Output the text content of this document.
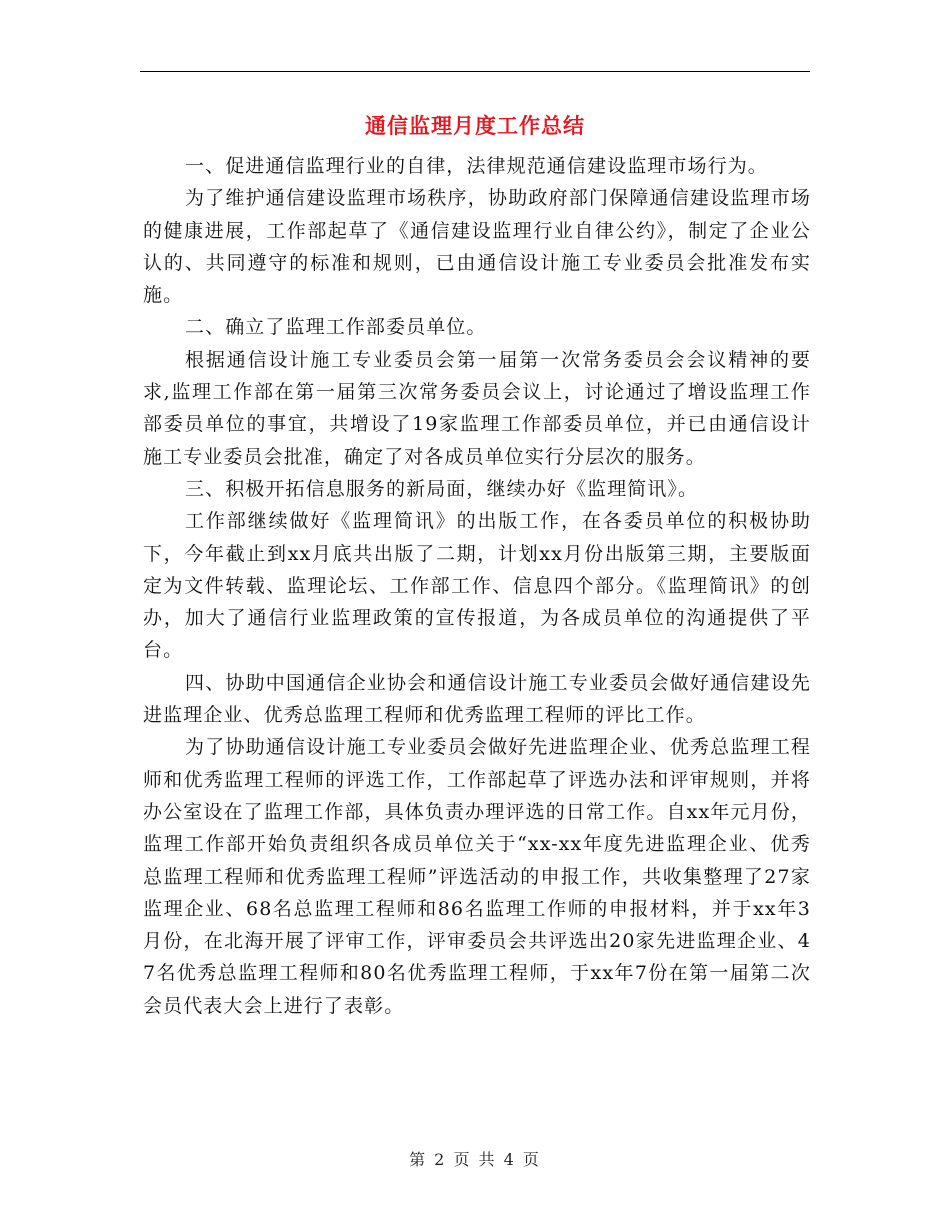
通信监理月度工作总结

一、促进通信监理行业的自律，法律规范通信建设监理市场行为。

为了维护通信建设监理市场秩序，协助政府部门保障通信建设监理市场的健康进展，工作部起草了《通信建设监理行业自律公约》，制定了企业公认的、共同遵守的标准和规则，已由通信设计施工专业委员会批准发布实施。

二、确立了监理工作部委员单位。

根据通信设计施工专业委员会第一届第一次常务委员会会议精神的要求,监理工作部在第一届第三次常务委员会议上，讨论通过了增设监理工作部委员单位的事宜，共增设了19家监理工作部委员单位，并已由通信设计施工专业委员会批准，确定了对各成员单位实行分层次的服务。

三、积极开拓信息服务的新局面，继续办好《监理简讯》。

工作部继续做好《监理简讯》的出版工作，在各委员单位的积极协助下，今年截止到xx月底共出版了二期，计划xx月份出版第三期，主要版面定为文件转载、监理论坛、工作部工作、信息四个部分。《监理简讯》的创办，加大了通信行业监理政策的宣传报道，为各成员单位的沟通提供了平台。

四、协助中国通信企业协会和通信设计施工专业委员会做好通信建设先进监理企业、优秀总监理工程师和优秀监理工程师的评比工作。

为了协助通信设计施工专业委员会做好先进监理企业、优秀总监理工程师和优秀监理工程师的评选工作，工作部起草了评选办法和评审规则，并将办公室设在了监理工作部，具体负责办理评选的日常工作。自xx年元月份，监理工作部开始负责组织各成员单位关于“xx-xx年度先进监理企业、优秀总监理工程师和优秀监理工程师”评选活动的申报工作，共收集整理了27家监理企业、68名总监理工程师和86名监理工作师的申报材料，并于xx年3月份，在北海开展了评审工作，评审委员会共评选出20家先进监理企业、47名优秀总监理工程师和80名优秀监理工程师，于xx年7份在第一届第二次会员代表大会上进行了表彰。

第 2 页 共 4 页
